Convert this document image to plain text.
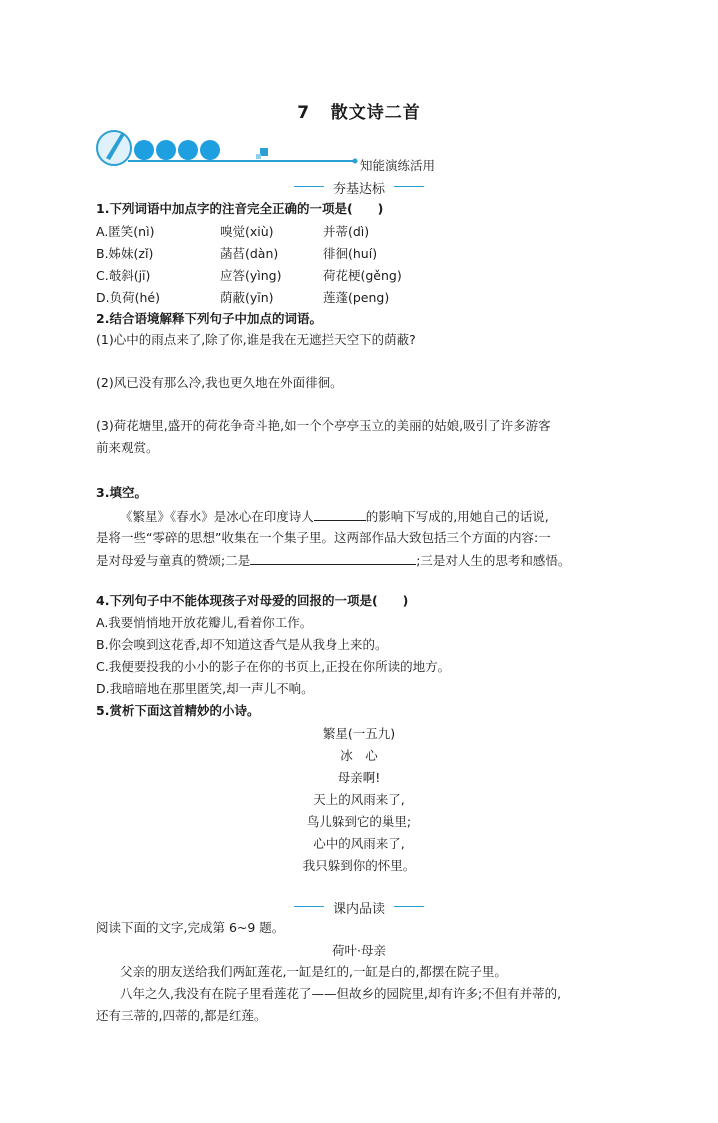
7 散文诗二首
知能演练活用
夯基达标
1.下列词语中加点字的注音完全正确的一项是(　　)
A.匿笑(nì)	嗅觉(xiù)	并蒂(dì)
B.姊妹(zǐ)	菡萏(dàn)	徘徊(huí)
C.攲斜(jī)	应答(yìng)	荷花梗(gěng)
D.负荷(hé)	荫蔽(yīn)	莲蓬(peng)
2.结合语境解释下列句子中加点的词语。
(1)心中的雨点来了,除了你,谁是我在无遮拦天空下的荫蔽?
(2)风已没有那么冷,我也更久地在外面徘徊。
(3)荷花塘里,盛开的荷花争奇斗艳,如一个个亭亭玉立的美丽的姑娘,吸引了许多游客
前来观赏。
3.填空。
《繁星》《春水》是冰心在印度诗人	的影响下写成的,用她自己的话说,
是将一些“零碎的思想”收集在一个集子里。这两部作品大致包括三个方面的内容:一
是对母爱与童真的赞颂;二是	;三是对人生的思考和感悟。
4.下列句子中不能体现孩子对母爱的回报的一项是(　　)
A.我要悄悄地开放花瓣儿,看着你工作。
B.你会嗅到这花香,却不知道这香气是从我身上来的。
C.我便要投我的小小的影子在你的书页上,正投在你所读的地方。
D.我暗暗地在那里匿笑,却一声儿不响。
5.赏析下面这首精妙的小诗。
繁星(一五九)
冰　心
母亲啊!
天上的风雨来了,
鸟儿躲到它的巢里;
心中的风雨来了,
我只躲到你的怀里。
课内品读
阅读下面的文字,完成第 6~9 题。
荷叶·母亲
父亲的朋友送给我们两缸莲花,一缸是红的,一缸是白的,都摆在院子里。
八年之久,我没有在院子里看莲花了——但故乡的园院里,却有许多;不但有并蒂的,
还有三蒂的,四蒂的,都是红莲。
